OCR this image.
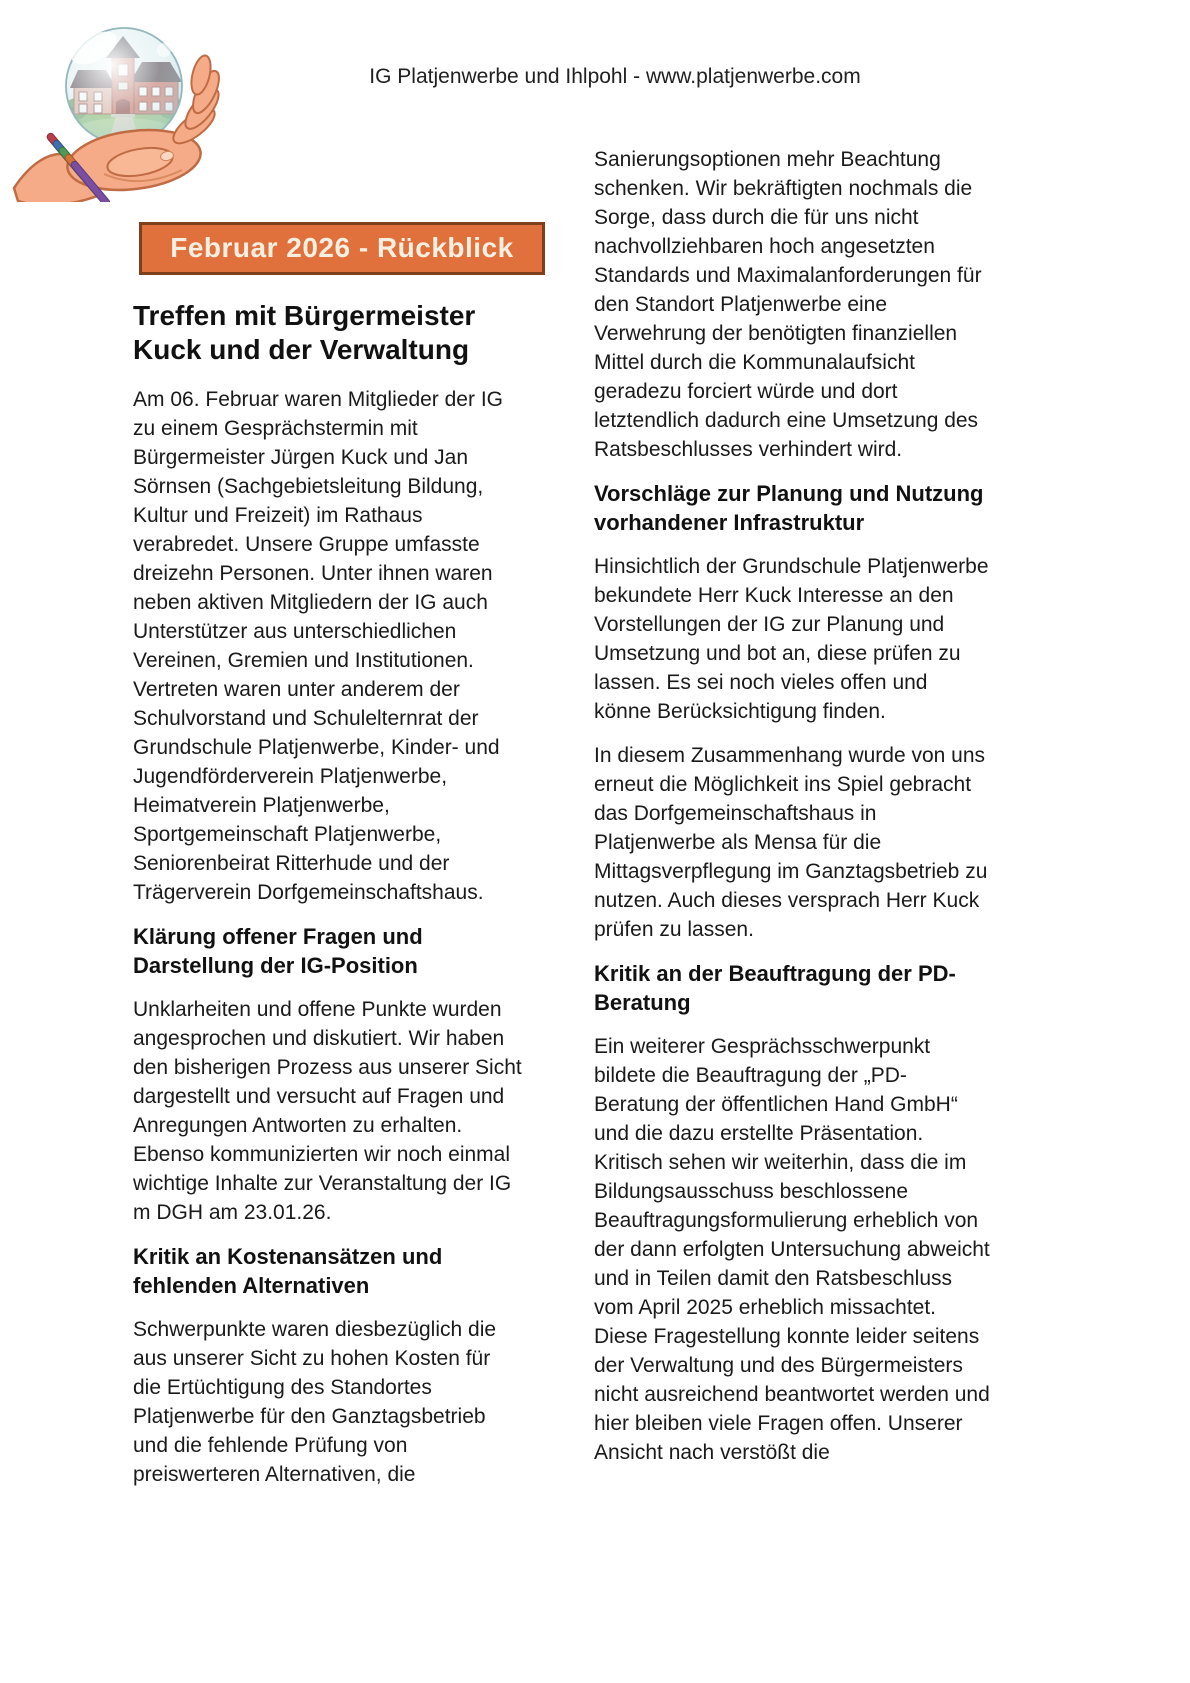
IG Platjenwerbe und Ihlpohl - www.platjenwerbe.com
Februar 2026 - Rückblick
Treffen mit Bürgermeister Kuck und der Verwaltung

Am 06. Februar waren Mitglieder der IG zu einem Gesprächstermin mit Bürgermeister Jürgen Kuck und Jan Sörnsen (Sachgebietsleitung Bildung, Kultur und Freizeit) im Rathaus verabredet. Unsere Gruppe umfasste dreizehn Personen. Unter ihnen waren neben aktiven Mitgliedern der IG auch Unterstützer aus unterschiedlichen Vereinen, Gremien und Institutionen. Vertreten waren unter anderem der Schulvorstand und Schulelternrat der Grundschule Platjenwerbe, Kinder- und Jugendförderverein Platjenwerbe, Heimatverein Platjenwerbe, Sportgemeinschaft Platjenwerbe, Seniorenbeirat Ritterhude und der Trägerverein Dorfgemeinschaftshaus.

Klärung offener Fragen und Darstellung der IG-Position

Unklarheiten und offene Punkte wurden angesprochen und diskutiert. Wir haben den bisherigen Prozess aus unserer Sicht dargestellt und versucht auf Fragen und Anregungen Antworten zu erhalten. Ebenso kommunizierten wir noch einmal wichtige Inhalte zur Veranstaltung der IG m DGH am 23.01.26.

Kritik an Kostenansätzen und fehlenden Alternativen

Schwerpunkte waren diesbezüglich die aus unserer Sicht zu hohen Kosten für die Ertüchtigung des Standortes Platjenwerbe für den Ganztagsbetrieb und die fehlende Prüfung von preiswerteren Alternativen, die

Sanierungsoptionen mehr Beachtung schenken. Wir bekräftigten nochmals die Sorge, dass durch die für uns nicht nachvollziehbaren hoch angesetzten Standards und Maximalanforderungen für den Standort Platjenwerbe eine Verwehrung der benötigten finanziellen Mittel durch die Kommunalaufsicht geradezu forciert würde und dort letztendlich dadurch eine Umsetzung des Ratsbeschlusses verhindert wird.

Vorschläge zur Planung und Nutzung vorhandener Infrastruktur

Hinsichtlich der Grundschule Platjenwerbe bekundete Herr Kuck Interesse an den Vorstellungen der IG zur Planung und Umsetzung und bot an, diese prüfen zu lassen. Es sei noch vieles offen und könne Berücksichtigung finden.

In diesem Zusammenhang wurde von uns erneut die Möglichkeit ins Spiel gebracht das Dorfgemeinschaftshaus in Platjenwerbe als Mensa für die Mittagsverpflegung im Ganztagsbetrieb zu nutzen. Auch dieses versprach Herr Kuck prüfen zu lassen.

Kritik an der Beauftragung der PD-Beratung

Ein weiterer Gesprächsschwerpunkt bildete die Beauftragung der „PD-Beratung der öffentlichen Hand GmbH“ und die dazu erstellte Präsentation. Kritisch sehen wir weiterhin, dass die im Bildungsausschuss beschlossene Beauftragungsformulierung erheblich von der dann erfolgten Untersuchung abweicht und in Teilen damit den Ratsbeschluss vom April 2025 erheblich missachtet. Diese Fragestellung konnte leider seitens der Verwaltung und des Bürgermeisters nicht ausreichend beantwortet werden und hier bleiben viele Fragen offen. Unserer Ansicht nach verstößt die
